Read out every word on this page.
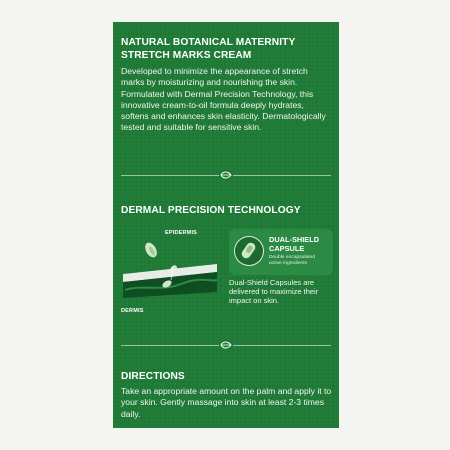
NATURAL BOTANICAL MATERNITY
STRETCH MARKS CREAM
Developed to minimize the appearance of stretch marks by moisturizing and nourishing the skin. Formulated with Dermal Precision Technology, this innovative cream-to-oil formula deeply hydrates, softens and enhances skin elasticity. Dermatologically tested and suitable for sensitive skin.
DERMAL PRECISION TECHNOLOGY
EPIDERMIS
DERMIS
DUAL-SHIELD
CAPSULE
Double encapsulated
active ingredients
Dual-Shield Capsules are delivered to maximize their impact on skin.
DIRECTIONS
Take an appropriate amount on the palm and apply it to your skin. Gently massage into skin at least 2-3 times daily.
